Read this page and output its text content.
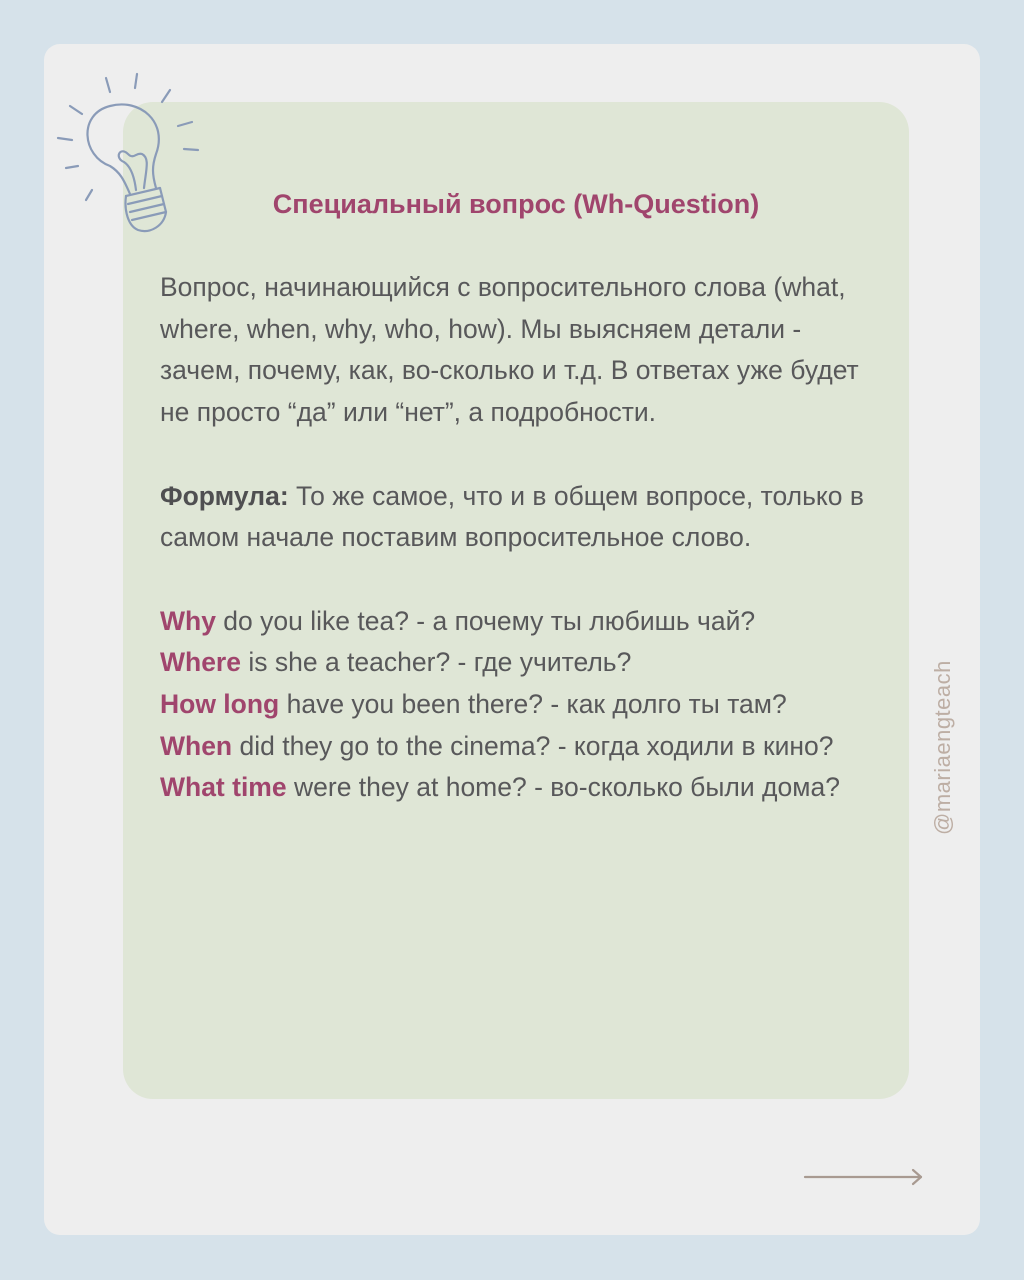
Специальный вопрос (Wh-Question)

Вопрос, начинающийся с вопросительного слова (what, where, when, why, who, how). Мы выясняем детали - зачем, почему, как, во-сколько и т.д. В ответах уже будет не просто “да” или “нет”, а подробности.

Формула: То же самое, что и в общем вопросе, только в самом начале поставим вопросительное слово.

Why do you like tea? - а почему ты любишь чай?

Where is she a teacher? - где учитель?

How long have you been there? - как долго ты там?

When did they go to the cinema? - когда ходили в кино?

What time were they at home? - во-сколько были дома?	@mariaengteach
